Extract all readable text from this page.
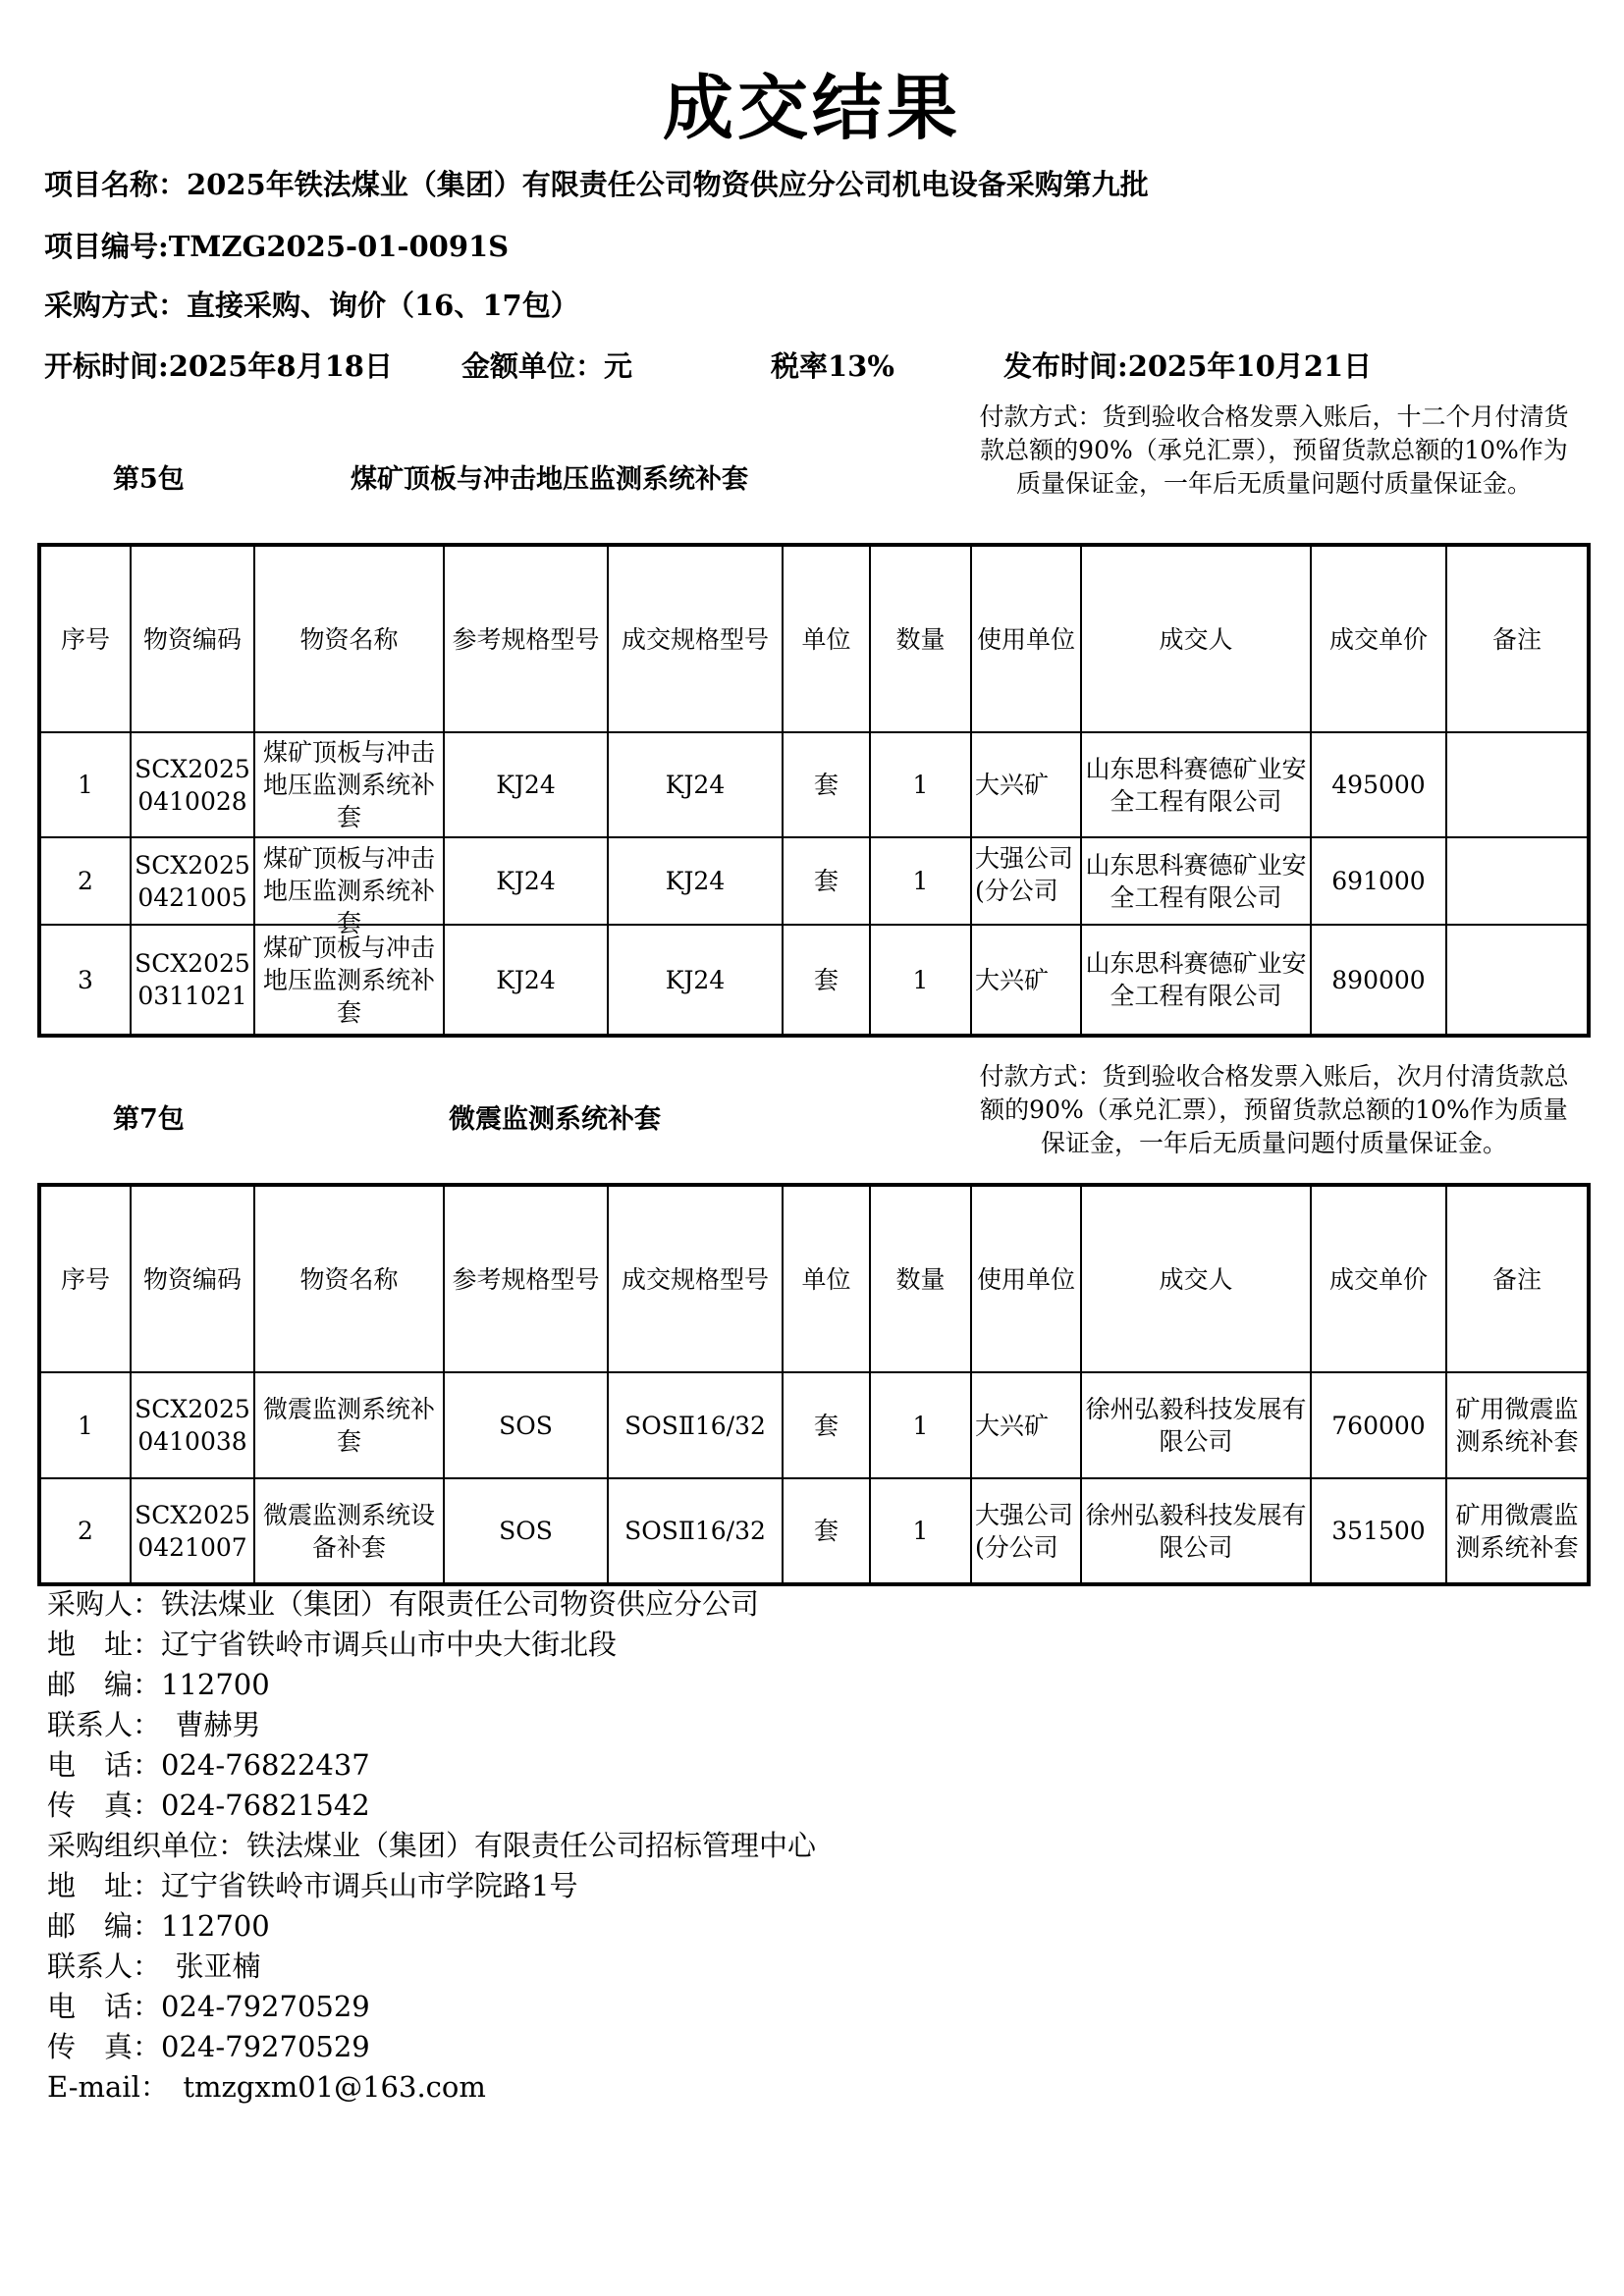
成交结果
项目名称：2025年铁法煤业（集团）有限责任公司物资供应分公司机电设备采购第九批
项目编号:TMZG2025-01-0091S
采购方式：直接采购、询价（16、17包）
开标时间:2025年8月18日 金额单位：元	税率13%	发布时间:2025年10月21日
第5包	煤矿顶板与冲击地压监测系统补套
付款方式：货到验收合格发票入账后，十二个月付清货款总额的90%（承兑汇票），预留货款总额的10%作为质量保证金，一年后无质量问题付质量保证金。
序号	物资编码	物资名称	参考规格型号	成交规格型号	单位	数量	使用单位	成交人	成交单价	备注
1	SCX20250410028	煤矿顶板与冲击地压监测系统补套	KJ24	KJ24	套	1	大兴矿	山东思科赛德矿业安全工程有限公司	495000	
2	SCX20250421005	煤矿顶板与冲击地压监测系统补套	KJ24	KJ24	套	1	大强公司(分公司	山东思科赛德矿业安全工程有限公司	691000	
3	SCX20250311021	煤矿顶板与冲击地压监测系统补套	KJ24	KJ24	套	1	大兴矿	山东思科赛德矿业安全工程有限公司	890000	
第7包	微震监测系统补套
付款方式：货到验收合格发票入账后，次月付清货款总额的90%（承兑汇票），预留货款总额的10%作为质量保证金，一年后无质量问题付质量保证金。
序号	物资编码	物资名称	参考规格型号	成交规格型号	单位	数量	使用单位	成交人	成交单价	备注
1	SCX20250410038	微震监测系统补套	SOS	SOSⅡ16/32	套	1	大兴矿	徐州弘毅科技发展有限公司	760000	矿用微震监测系统补套
2	SCX20250421007	微震监测系统设备补套	SOS	SOSⅡ16/32	套	1	大强公司(分公司	徐州弘毅科技发展有限公司	351500	矿用微震监测系统补套
采购人：铁法煤业（集团）有限责任公司物资供应分公司
地　址：辽宁省铁岭市调兵山市中央大街北段
邮　编：112700
联系人：　曹赫男
电　话：024-76822437
传　真：024-76821542
采购组织单位：铁法煤业（集团）有限责任公司招标管理中心
地　址：辽宁省铁岭市调兵山市学院路1号
邮　编：112700
联系人：　张亚楠
电　话：024-79270529
传　真：024-79270529
E-mail：　tmzgxm01@163.com
